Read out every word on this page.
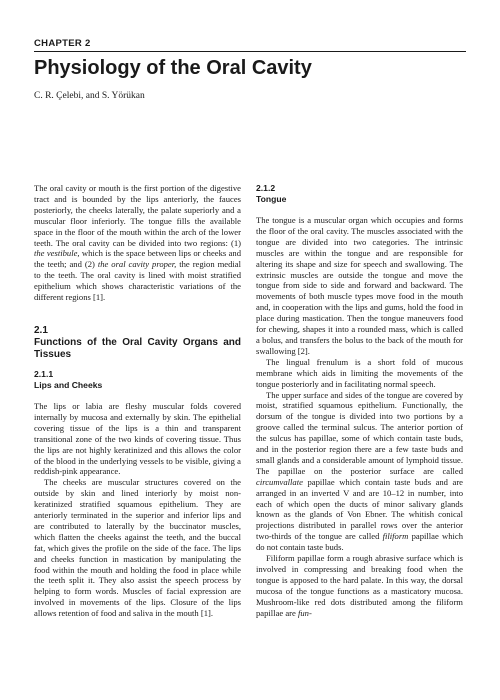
CHAPTER 2
Physiology of the Oral Cavity
C. R. Çelebi, and S. Yörükan

The oral cavity or mouth is the first portion of the digestive tract and is bounded by the lips anteriorly, the fauces posteriorly, the cheeks laterally, the palate superiorly and a muscular floor inferiorly. The tongue fills the available space in the floor of the mouth within the arch of the lower teeth. The oral cavity can be divided into two regions: (1) the vestibule, which is the space between lips or cheeks and the teeth; and (2) the oral cavity proper, the region medial to the teeth. The oral cavity is lined with moist stratified epithelium which shows characteristic variations of the different regions [1].

2.1
Functions of the Oral Cavity Organs and Tissues
2.1.1
Lips and Cheeks

The lips or labia are fleshy muscular folds covered internally by mucosa and externally by skin. The epithelial covering tissue of the lips is a thin and transparent transitional zone of the two kinds of covering tissue. Thus the lips are not highly keratinized and this allows the color of the blood in the underlying vessels to be visible, giving a reddish-pink appearance.

The cheeks are muscular structures covered on the outside by skin and lined interiorly by moist non-keratinized stratified squamous epithelium. They are anteriorly terminated in the superior and inferior lips and are contributed to laterally by the buccinator muscles, which flatten the cheeks against the teeth, and the buccal fat, which gives the profile on the side of the face. The lips and cheeks function in mastication by manipulating the food within the mouth and holding the food in place while the teeth split it. They also assist the speech process by helping to form words. Muscles of facial expression are involved in movements of the lips. Closure of the lips allows retention of food and saliva in the mouth [1].

2.1.2
Tongue

The tongue is a muscular organ which occupies and forms the floor of the oral cavity. The muscles associated with the tongue are divided into two categories. The intrinsic muscles are within the tongue and are responsible for altering its shape and size for speech and swallowing. The extrinsic muscles are outside the tongue and move the tongue from side to side and forward and backward. The movements of both muscle types move food in the mouth and, in cooperation with the lips and gums, hold the food in place during mastication. Then the tongue maneuvers food for chewing, shapes it into a rounded mass, which is called a bolus, and transfers the bolus to the back of the mouth for swallowing [2].

The lingual frenulum is a short fold of mucous membrane which aids in limiting the movements of the tongue posteriorly and in facilitating normal speech.

The upper surface and sides of the tongue are covered by moist, stratified squamous epithelium. Functionally, the dorsum of the tongue is divided into two portions by a groove called the terminal sulcus. The anterior portion of the sulcus has papillae, some of which contain taste buds, and in the posterior region there are a few taste buds and small glands and a considerable amount of lymphoid tissue. The papillae on the posterior surface are called circumvallate papillae which contain taste buds and are arranged in an inverted V and are 10–12 in number, into each of which open the ducts of minor salivary glands known as the glands of Von Ebner. The whitish conical projections distributed in parallel rows over the anterior two-thirds of the tongue are called filiform papillae which do not contain taste buds.

Filiform papillae form a rough abrasive surface which is involved in compressing and breaking food when the tongue is apposed to the hard palate. In this way, the dorsal mucosa of the tongue functions as a masticatory mucosa. Mushroom-like red dots distributed among the filiform papillae are fun-
